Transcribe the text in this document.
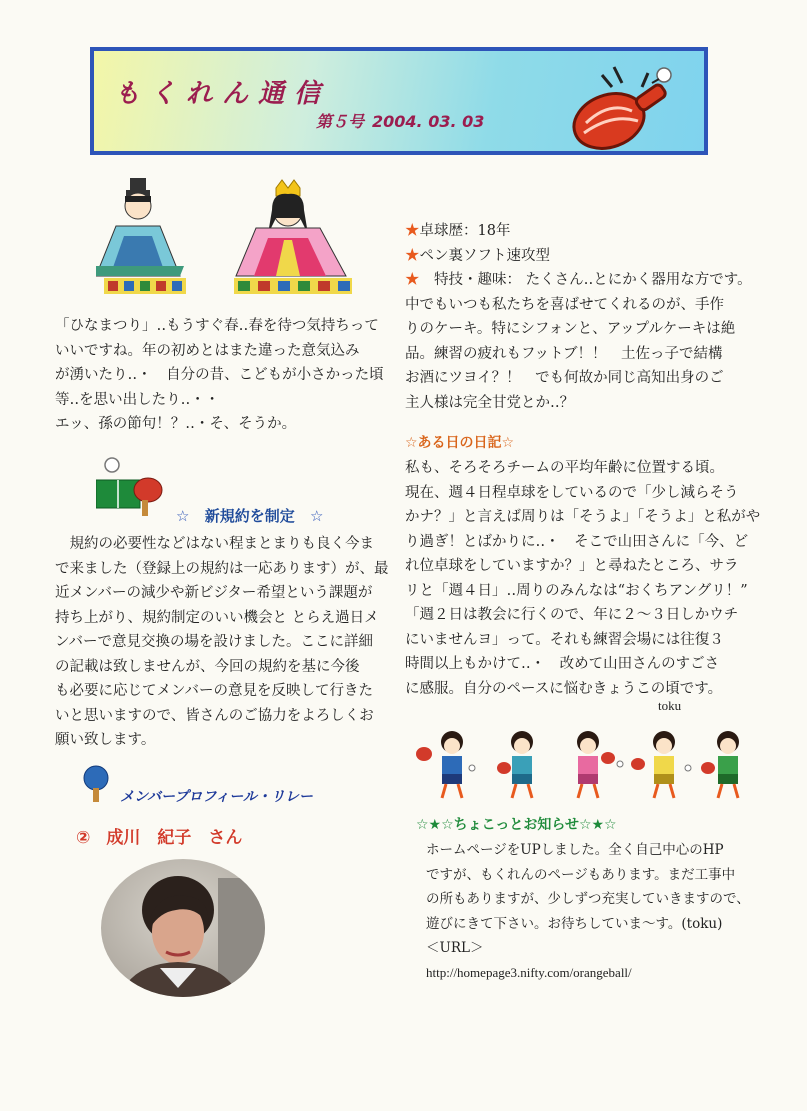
もくれん通信
第５号 2004. 03. 03
「ひなまつり」‥もうすぐ春‥春を待つ気持ちって
いいですね。年の初めとはまた違った意気込み
が湧いたり‥・　自分の昔、こどもが小さかった頃
等‥を思い出したり‥・・
エッ、孫の節句！？‥・そ、そうか。
☆ 新規約を制定 ☆
　規約の必要性などはない程まとまりも良く今ま
で来ました（登録上の規約は一応あります）が、最
近メンバーの減少や新ビジター希望という課題が
持ち上がり、規約制定のいい機会と とらえ過日メ
ンバーで意見交換の場を設けました。ここに詳細
の記載は致しませんが、今回の規約を基に今後
も必要に応じてメンバーの意見を反映して行きた
いと思いますので、皆さんのご協力をよろしくお
願い致します。
メンバープロフィール・リレー
② 成川　紀子　さん
★卓球歴：18年
★ペン裏ソフト速攻型
★　特技・趣味： たくさん‥とにかく器用な方です。
中でもいつも私たちを喜ばせてくれるのが、手作
りのケーキ。特にシフォンと、アップルケーキは絶
品。練習の疲れもフットブ！！　土佐っ子で結構
お酒にツヨイ？！　でも何故か同じ高知出身のご
主人様は完全甘党とか‥？
☆ある日の日記☆
私も、そろそろチームの平均年齢に位置する頃。
現在、週４日程卓球をしているので「少し減らそう
かナ？」と言えば周りは「そうよ」「そうよ」と私がや
り過ぎ！とばかりに‥・　そこで山田さんに「今、ど
れ位卓球をしていますか？」と尋ねたところ、サラ
リと「週４日」‥周りのみんなは“おくちアングリ！”
「週２日は教会に行くので、年に２〜３日しかウチ
にいませんヨ」って。それも練習会場には往復３
時間以上もかけて‥・　改めて山田さんのすごさ
に感服。自分のペースに悩むきょうこの頃です。
toku
☆★☆ちょこっとお知らせ☆★☆
ホームページをUPしました。全く自己中心のHP
ですが、もくれんのページもあります。まだ工事中
の所もありますが、少しずつ充実していきますので、
遊びにきて下さい。お待ちしていま〜す。(toku)
＜URL＞
http://homepage3.nifty.com/orangeball/
